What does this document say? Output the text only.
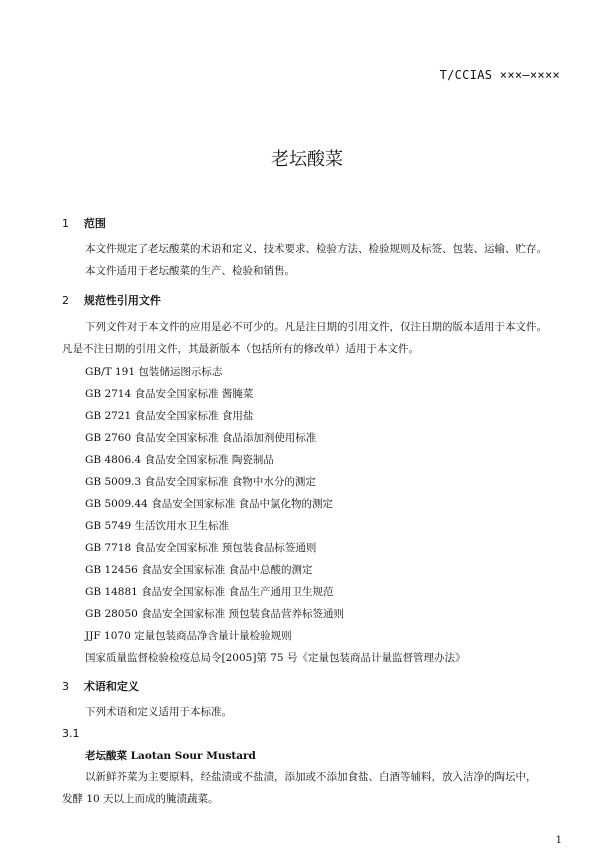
T/CCIAS ×××—××××
老坛酸菜
1 范围
本文件规定了老坛酸菜的术语和定义、技术要求、检验方法、检验规则及标签、包装、运输、贮存。
本文件适用于老坛酸菜的生产、检验和销售。
2 规范性引用文件
下列文件对于本文件的应用是必不可少的。凡是注日期的引用文件，仅注日期的版本适用于本文件。
凡是不注日期的引用文件，其最新版本（包括所有的修改单）适用于本文件。
GB/T 191 包装储运图示标志
GB 2714 食品安全国家标准 酱腌菜
GB 2721 食品安全国家标准 食用盐
GB 2760 食品安全国家标准 食品添加剂使用标准
GB 4806.4 食品安全国家标准 陶瓷制品
GB 5009.3 食品安全国家标准 食物中水分的测定
GB 5009.44 食品安全国家标准 食品中氯化物的测定
GB 5749 生活饮用水卫生标准
GB 7718 食品安全国家标准 预包装食品标签通则
GB 12456 食品安全国家标准 食品中总酸的测定
GB 14881 食品安全国家标准 食品生产通用卫生规范
GB 28050 食品安全国家标准 预包装食品营养标签通则
JJF 1070 定量包装商品净含量计量检验规则
国家质量监督检验检疫总局令[2005]第 75 号《定量包装商品计量监督管理办法》
3 术语和定义
下列术语和定义适用于本标准。
3.1
老坛酸菜 Laotan Sour Mustard
以新鲜芥菜为主要原料，经盐渍或不盐渍，添加或不添加食盐、白酒等辅料，放入洁净的陶坛中，
发酵 10 天以上而成的腌渍蔬菜。
1
